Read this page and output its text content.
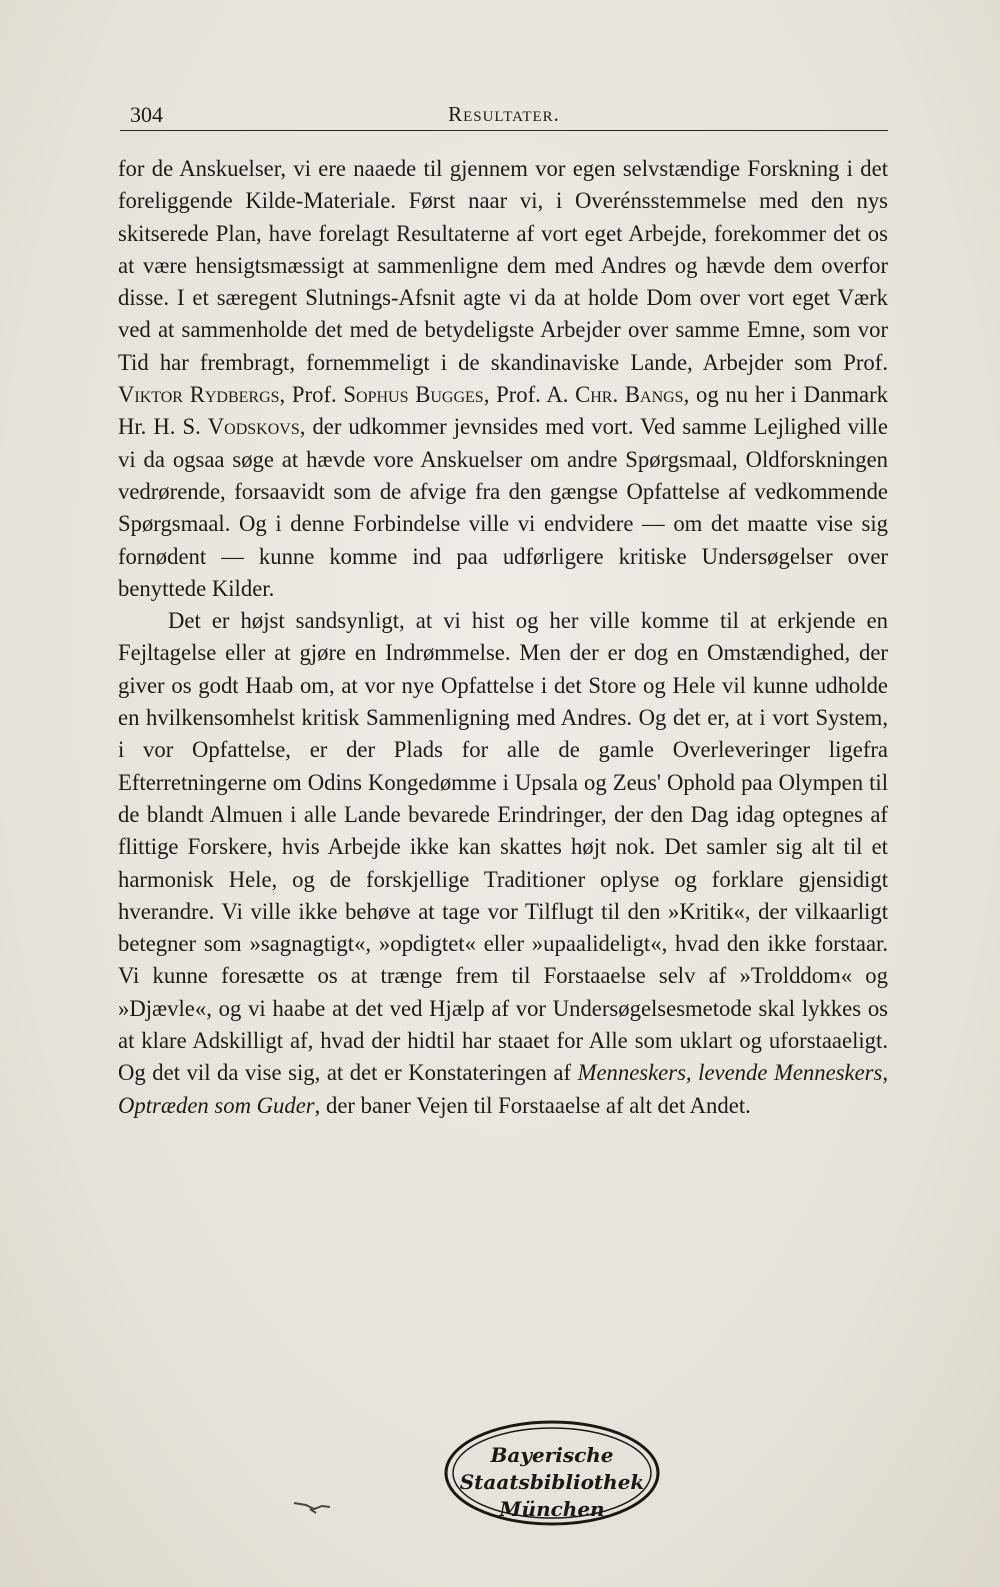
304	Resultater.

for de Anskuelser, vi ere naaede til gjennem vor egen selvstændige Forskning i det foreliggende Kilde-Materiale. Først naar vi, i Overénsstemmelse med den nys skitserede Plan, have forelagt Resultaterne af vort eget Arbejde, forekommer det os at være hensigtsmæssigt at sammenligne dem med Andres og hævde dem overfor disse. I et særegent Slutnings-Afsnit agte vi da at holde Dom over vort eget Værk ved at sammenholde det med de betydeligste Arbejder over samme Emne, som vor Tid har frembragt, fornemmeligt i de skandinaviske Lande, Arbejder som Prof. Viktor Rydbergs, Prof. Sophus Bugges, Prof. A. Chr. Bangs, og nu her i Danmark Hr. H. S. Vodskovs, der udkommer jevnsides med vort. Ved samme Lejlighed ville vi da ogsaa søge at hævde vore Anskuelser om andre Spørgsmaal, Oldforskningen vedrørende, forsaavidt som de afvige fra den gængse Opfattelse af vedkommende Spørgsmaal. Og i denne Forbindelse ville vi endvidere — om det maatte vise sig fornødent — kunne komme ind paa udførligere kritiske Undersøgelser over benyttede Kilder.

Det er højst sandsynligt, at vi hist og her ville komme til at erkjende en Fejltagelse eller at gjøre en Indrømmelse. Men der er dog en Omstændighed, der giver os godt Haab om, at vor nye Opfattelse i det Store og Hele vil kunne udholde en hvilkensomhelst kritisk Sammenligning med Andres. Og det er, at i vort System, i vor Opfattelse, er der Plads for alle de gamle Overleveringer ligefra Efterretningerne om Odins Kongedømme i Upsala og Zeus' Ophold paa Olympen til de blandt Almuen i alle Lande bevarede Erindringer, der den Dag idag optegnes af flittige Forskere, hvis Arbejde ikke kan skattes højt nok. Det samler sig alt til et harmonisk Hele, og de forskjellige Traditioner oplyse og forklare gjensidigt hverandre. Vi ville ikke behøve at tage vor Tilflugt til den »Kritik«, der vilkaarligt betegner som »sagnagtigt«, »opdigtet« eller »upaalideligt«, hvad den ikke forstaar. Vi kunne foresætte os at trænge frem til Forstaaelse selv af »Trolddom« og »Djævle«, og vi haabe at det ved Hjælp af vor Undersøgelsesmetode skal lykkes os at klare Adskilligt af, hvad der hidtil har staaet for Alle som uklart og uforstaaeligt. Og det vil da vise sig, at det er Konstateringen af Menneskers, levende Menneskers, Optræden som Guder, der baner Vejen til Forstaaelse af alt det Andet.

Bayerische
Staatsbibliothek
München
